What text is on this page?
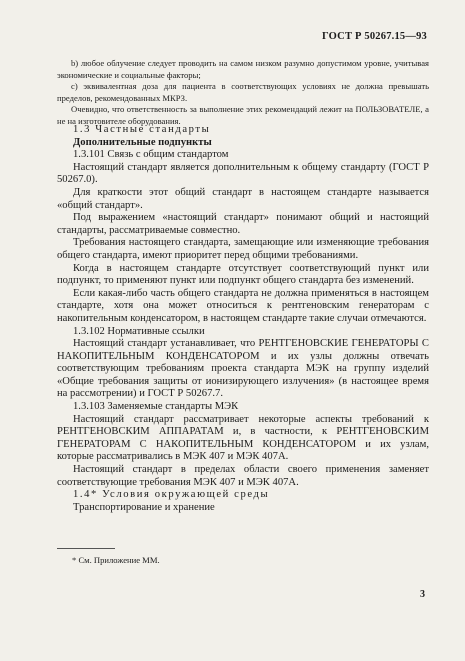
ГОСТ Р 50267.15—93

b) любое облучение следует проводить на самом низком разумно допустимом уровне, учитывая экономические и социальные факторы;

c) эквивалентная доза для пациента в соответствующих условиях не должна превышать пределов, рекомендованных МКРЗ.

Очевидно, что ответственность за выполнение этих рекомендаций лежит на ПОЛЬЗОВАТЕЛЕ, а не на изготовителе оборудования.

1.3 Частные стандарты

Дополнительные подпункты

1.3.101 Связь с общим стандартом

Настоящий стандарт является дополнительным к общему стандарту (ГОСТ Р 50267.0).

Для краткости этот общий стандарт в настоящем стандарте называется «общий стандарт».

Под выражением «настоящий стандарт» понимают общий и настоящий стандарты, рассматриваемые совместно.

Требования настоящего стандарта, замещающие или изменяющие требования общего стандарта, имеют приоритет перед общими требованиями.

Когда в настоящем стандарте отсутствует соответствующий пункт или подпункт, то применяют пункт или подпункт общего стандарта без изменений.

Если какая-либо часть общего стандарта не должна применяться в настоящем стандарте, хотя она может относиться к рентгеновским генераторам с накопительным конденсатором, в настоящем стандарте такие случаи отмечаются.

1.3.102 Нормативные ссылки

Настоящий стандарт устанавливает, что РЕНТГЕНОВСКИЕ ГЕНЕРАТОРЫ С НАКОПИТЕЛЬНЫМ КОНДЕНСАТОРОМ и их узлы должны отвечать соответствующим требованиям проекта стандарта МЭК на группу изделий «Общие требования защиты от ионизирующего излучения» (в настоящее время на рассмотрении) и ГОСТ Р 50267.7.

1.3.103 Заменяемые стандарты МЭК

Настоящий стандарт рассматривает некоторые аспекты требований к РЕНТГЕНОВСКИМ АППАРАТАМ и, в частности, к РЕНТГЕНОВСКИМ ГЕНЕРАТОРАМ С НАКОПИТЕЛЬНЫМ КОНДЕНСАТОРОМ и их узлам, которые рассматривались в МЭК 407 и МЭК 407А.

Настоящий стандарт в пределах области своего применения заменяет соответствующие требования МЭК 407 и МЭК 407А.

1.4* Условия окружающей среды

Транспортирование и хранение

* См. Приложение ММ.
3
